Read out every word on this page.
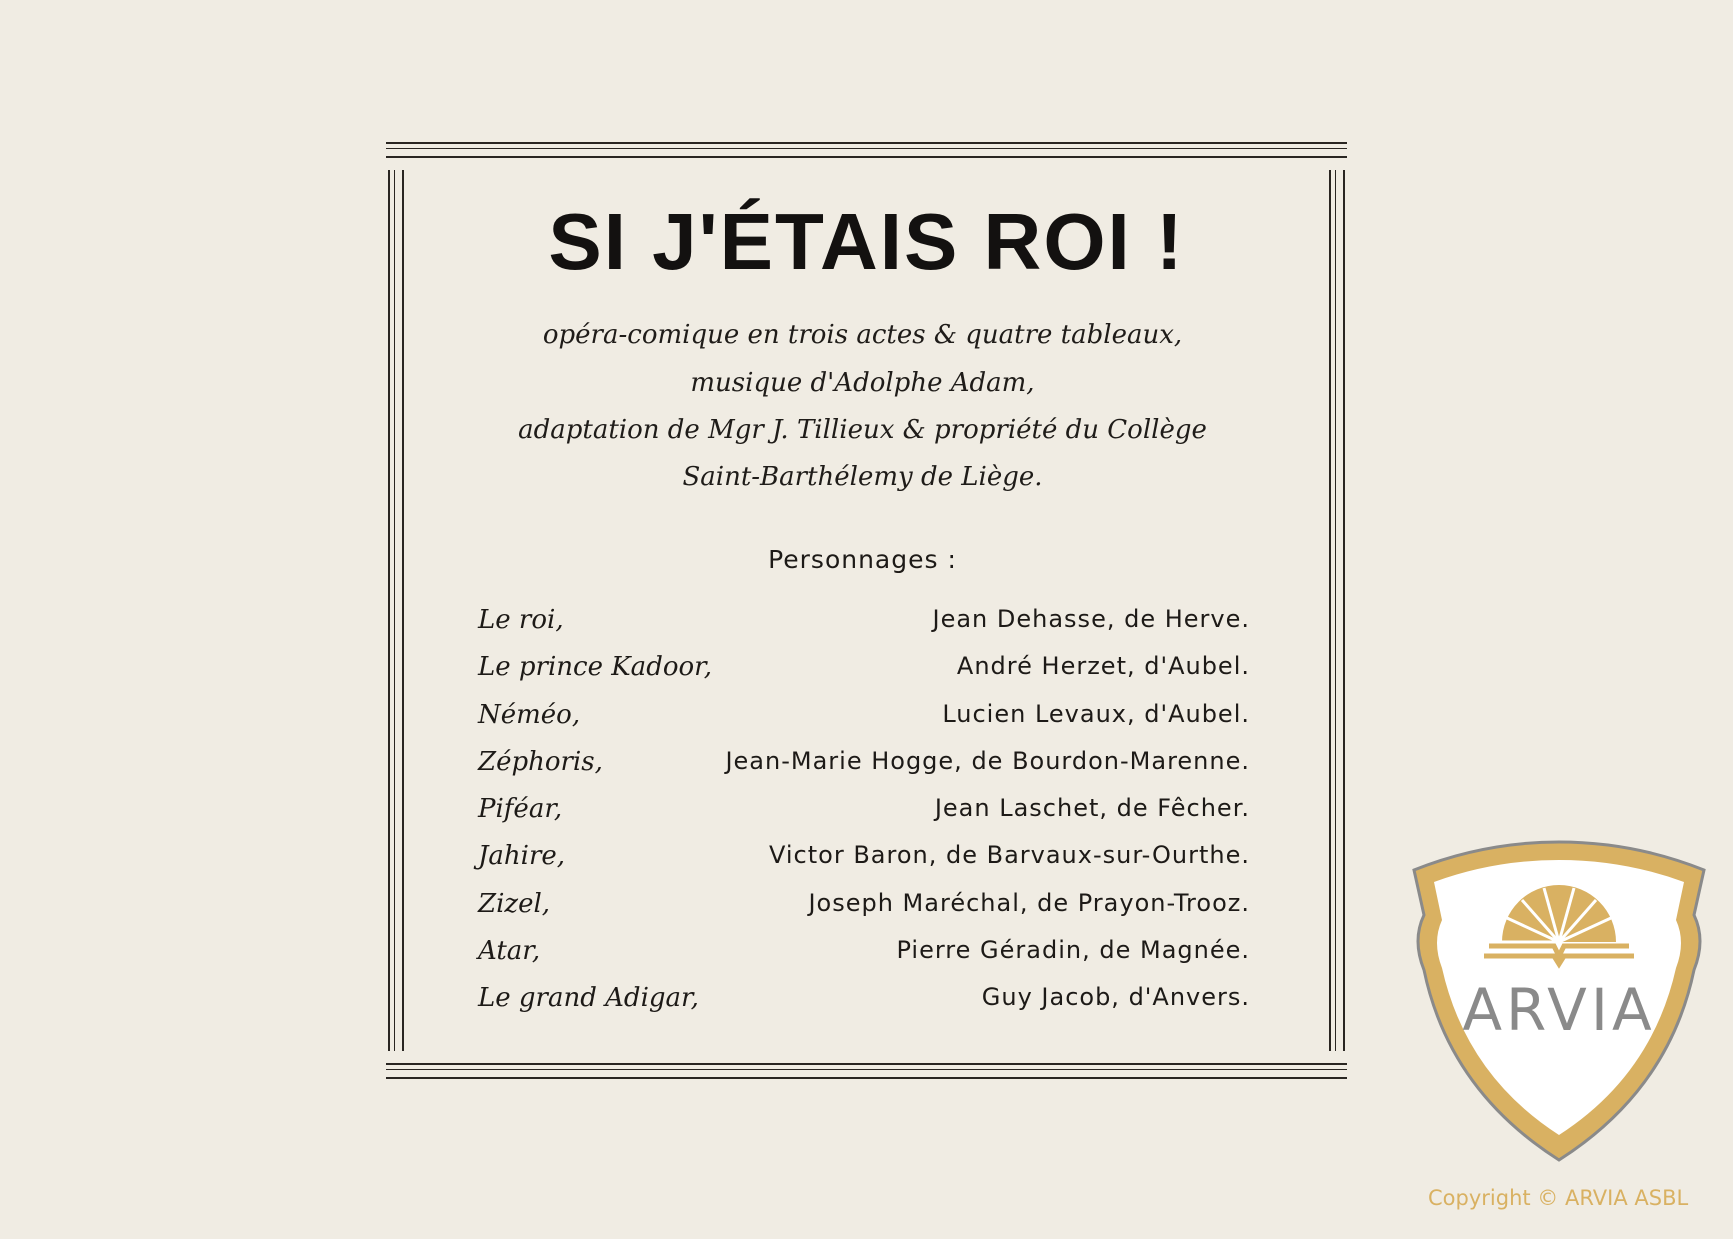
SI J'ÉTAIS ROI !
opéra-comique en trois actes & quatre tableaux,
musique d'Adolphe Adam,
adaptation de Mgr J. Tillieux & propriété du Collège
Saint-Barthélemy de Liège.
Personnages :
Le roi,	Jean Dehasse, de Herve.
Le prince Kadoor,	André Herzet, d'Aubel.
Néméo,	Lucien Levaux, d'Aubel.
Zéphoris,	Jean-Marie Hogge, de Bourdon-Marenne.
Piféar,	Jean Laschet, de Fêcher.
Jahire,	Victor Baron, de Barvaux-sur-Ourthe.
Zizel,	Joseph Maréchal, de Prayon-Trooz.
Atar,	Pierre Géradin, de Magnée.
Le grand Adigar,	Guy Jacob, d'Anvers.	ARVIA
Copyright © ARVIA ASBL
